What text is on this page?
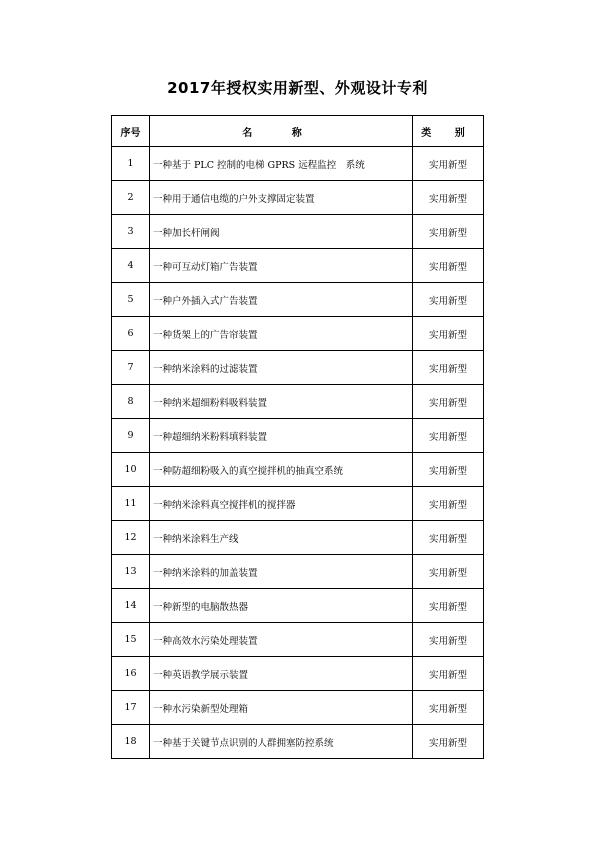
2017年授权实用新型、外观设计专利
序号	名 称	类 别
1	一种基于 PLC 控制的电梯 GPRS 远程监控　系统	实用新型
2	一种用于通信电缆的户外支撑固定装置	实用新型
3	一种加长杆闸阀	实用新型
4	一种可互动灯箱广告装置	实用新型
5	一种户外插入式广告装置	实用新型
6	一种货架上的广告帘装置	实用新型
7	一种纳米涂料的过滤装置	实用新型
8	一种纳米超细粉料吸料装置	实用新型
9	一种超细纳米粉料填料装置	实用新型
10	一种防超细粉吸入的真空搅拌机的抽真空系统	实用新型
11	一种纳米涂料真空搅拌机的搅拌器	实用新型
12	一种纳米涂料生产线	实用新型
13	一种纳米涂料的加盖装置	实用新型
14	一种新型的电脑散热器	实用新型
15	一种高效水污染处理装置	实用新型
16	一种英语教学展示装置	实用新型
17	一种水污染新型处理箱	实用新型
18	一种基于关键节点识别的人群拥塞防控系统	实用新型
